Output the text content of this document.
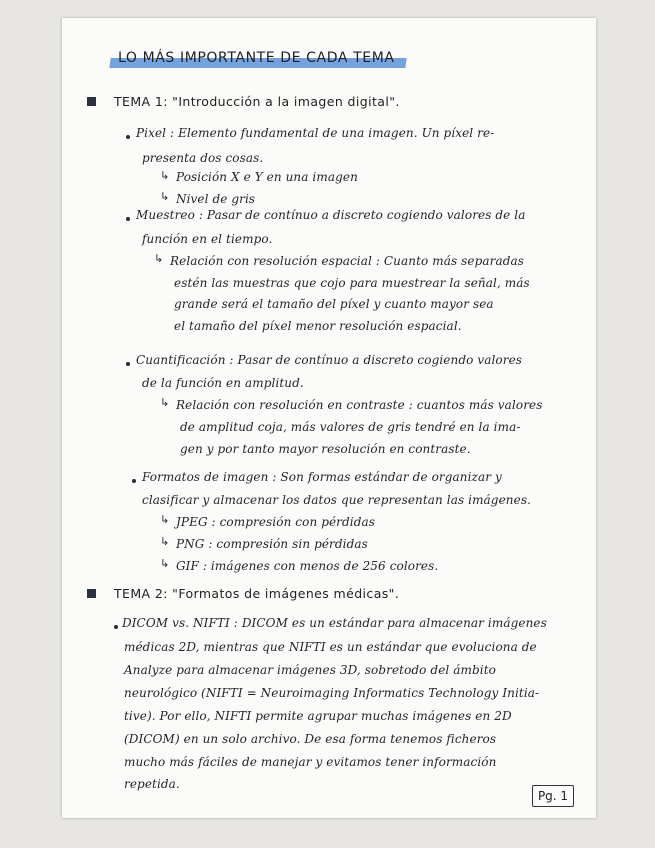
LO MÁS IMPORTANTE DE CADA TEMA
TEMA 1: "Introducción a la imagen digital".
Pixel : Elemento fundamental de una imagen. Un píxel re-
presenta dos cosas.
↳ Posición X e Y en una imagen
↳ Nivel de gris
Muestreo : Pasar de contínuo a discreto cogiendo valores de la
función en el tiempo.
↳ Relación con resolución espacial : Cuanto más separadas
estén las muestras que cojo para muestrear la señal, más
grande será el tamaño del píxel y cuanto mayor sea
el tamaño del píxel menor resolución espacial.
Cuantificación : Pasar de contínuo a discreto cogiendo valores
de la función en amplitud.
↳ Relación con resolución en contraste : cuantos más valores
de amplitud coja, más valores de gris tendré en la ima-
gen y por tanto mayor resolución en contraste.
Formatos de imagen : Son formas estándar de organizar y
clasificar y almacenar los datos que representan las imágenes.
↳ JPEG : compresión con pérdidas
↳ PNG : compresión sin pérdidas
↳ GIF : imágenes con menos de 256 colores.
TEMA 2: "Formatos de imágenes médicas".
DICOM vs. NIFTI : DICOM es un estándar para almacenar imágenes
médicas 2D, mientras que NIFTI es un estándar que evoluciona de
Analyze para almacenar imágenes 3D, sobretodo del ámbito
neurológico (NIFTI = Neuroimaging Informatics Technology Initia-
tive). Por ello, NIFTI permite agrupar muchas imágenes en 2D
(DICOM) en un solo archivo. De esa forma tenemos ficheros
mucho más fáciles de manejar y evitamos tener información
repetida.
Pg. 1
